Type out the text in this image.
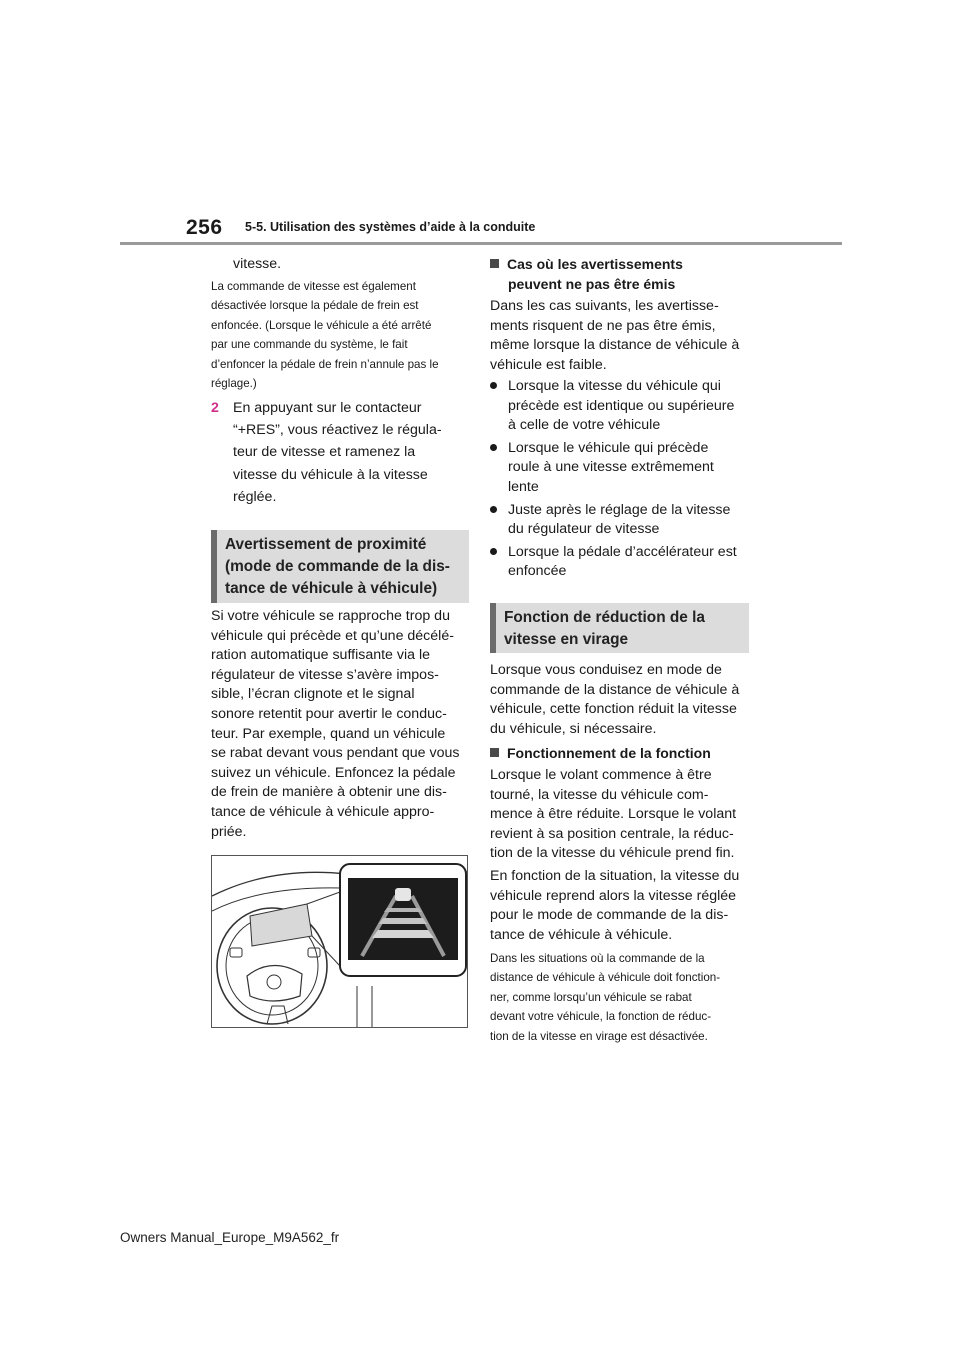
256 5-5. Utilisation des systèmes d’aide à la conduite
vitesse.
La commande de vitesse est également
désactivée lorsque la pédale de frein est
enfoncée. (Lorsque le véhicule a été arrêté
par une commande du système, le fait
d’enfoncer la pédale de frein n’annule pas le
réglage.)
2 En appuyant sur le contacteur
“+RES”, vous réactivez le régula-
teur de vitesse et ramenez la
vitesse du véhicule à la vitesse
réglée.
Avertissement de proximité
(mode de commande de la dis-
tance de véhicule à véhicule)
Si votre véhicule se rapproche trop du
véhicule qui précède et qu’une décélé-
ration automatique suffisante via le
régulateur de vitesse s’avère impos-
sible, l’écran clignote et le signal
sonore retentit pour avertir le conduc-
teur. Par exemple, quand un véhicule
se rabat devant vous pendant que vous
suivez un véhicule. Enfoncez la pédale
de frein de manière à obtenir une dis-
tance de véhicule à véhicule appro-
priée.
Cas où les avertissements
peuvent ne pas être émis
Dans les cas suivants, les avertisse-
ments risquent de ne pas être émis,
même lorsque la distance de véhicule à
véhicule est faible.
Lorsque la vitesse du véhicule qui
précède est identique ou supérieure
à celle de votre véhicule
Lorsque le véhicule qui précède
roule à une vitesse extrêmement
lente
Juste après le réglage de la vitesse
du régulateur de vitesse
Lorsque la pédale d’accélérateur est
enfoncée
Fonction de réduction de la
vitesse en virage
Lorsque vous conduisez en mode de
commande de la distance de véhicule à
véhicule, cette fonction réduit la vitesse
du véhicule, si nécessaire.
Fonctionnement de la fonction
Lorsque le volant commence à être
tourné, la vitesse du véhicule com-
mence à être réduite. Lorsque le volant
revient à sa position centrale, la réduc-
tion de la vitesse du véhicule prend fin.
En fonction de la situation, la vitesse du
véhicule reprend alors la vitesse réglée
pour le mode de commande de la dis-
tance de véhicule à véhicule.
Dans les situations où la commande de la
distance de véhicule à véhicule doit fonction-
ner, comme lorsqu’un véhicule se rabat
devant votre véhicule, la fonction de réduc-
tion de la vitesse en virage est désactivée.
Owners Manual_Europe_M9A562_fr
